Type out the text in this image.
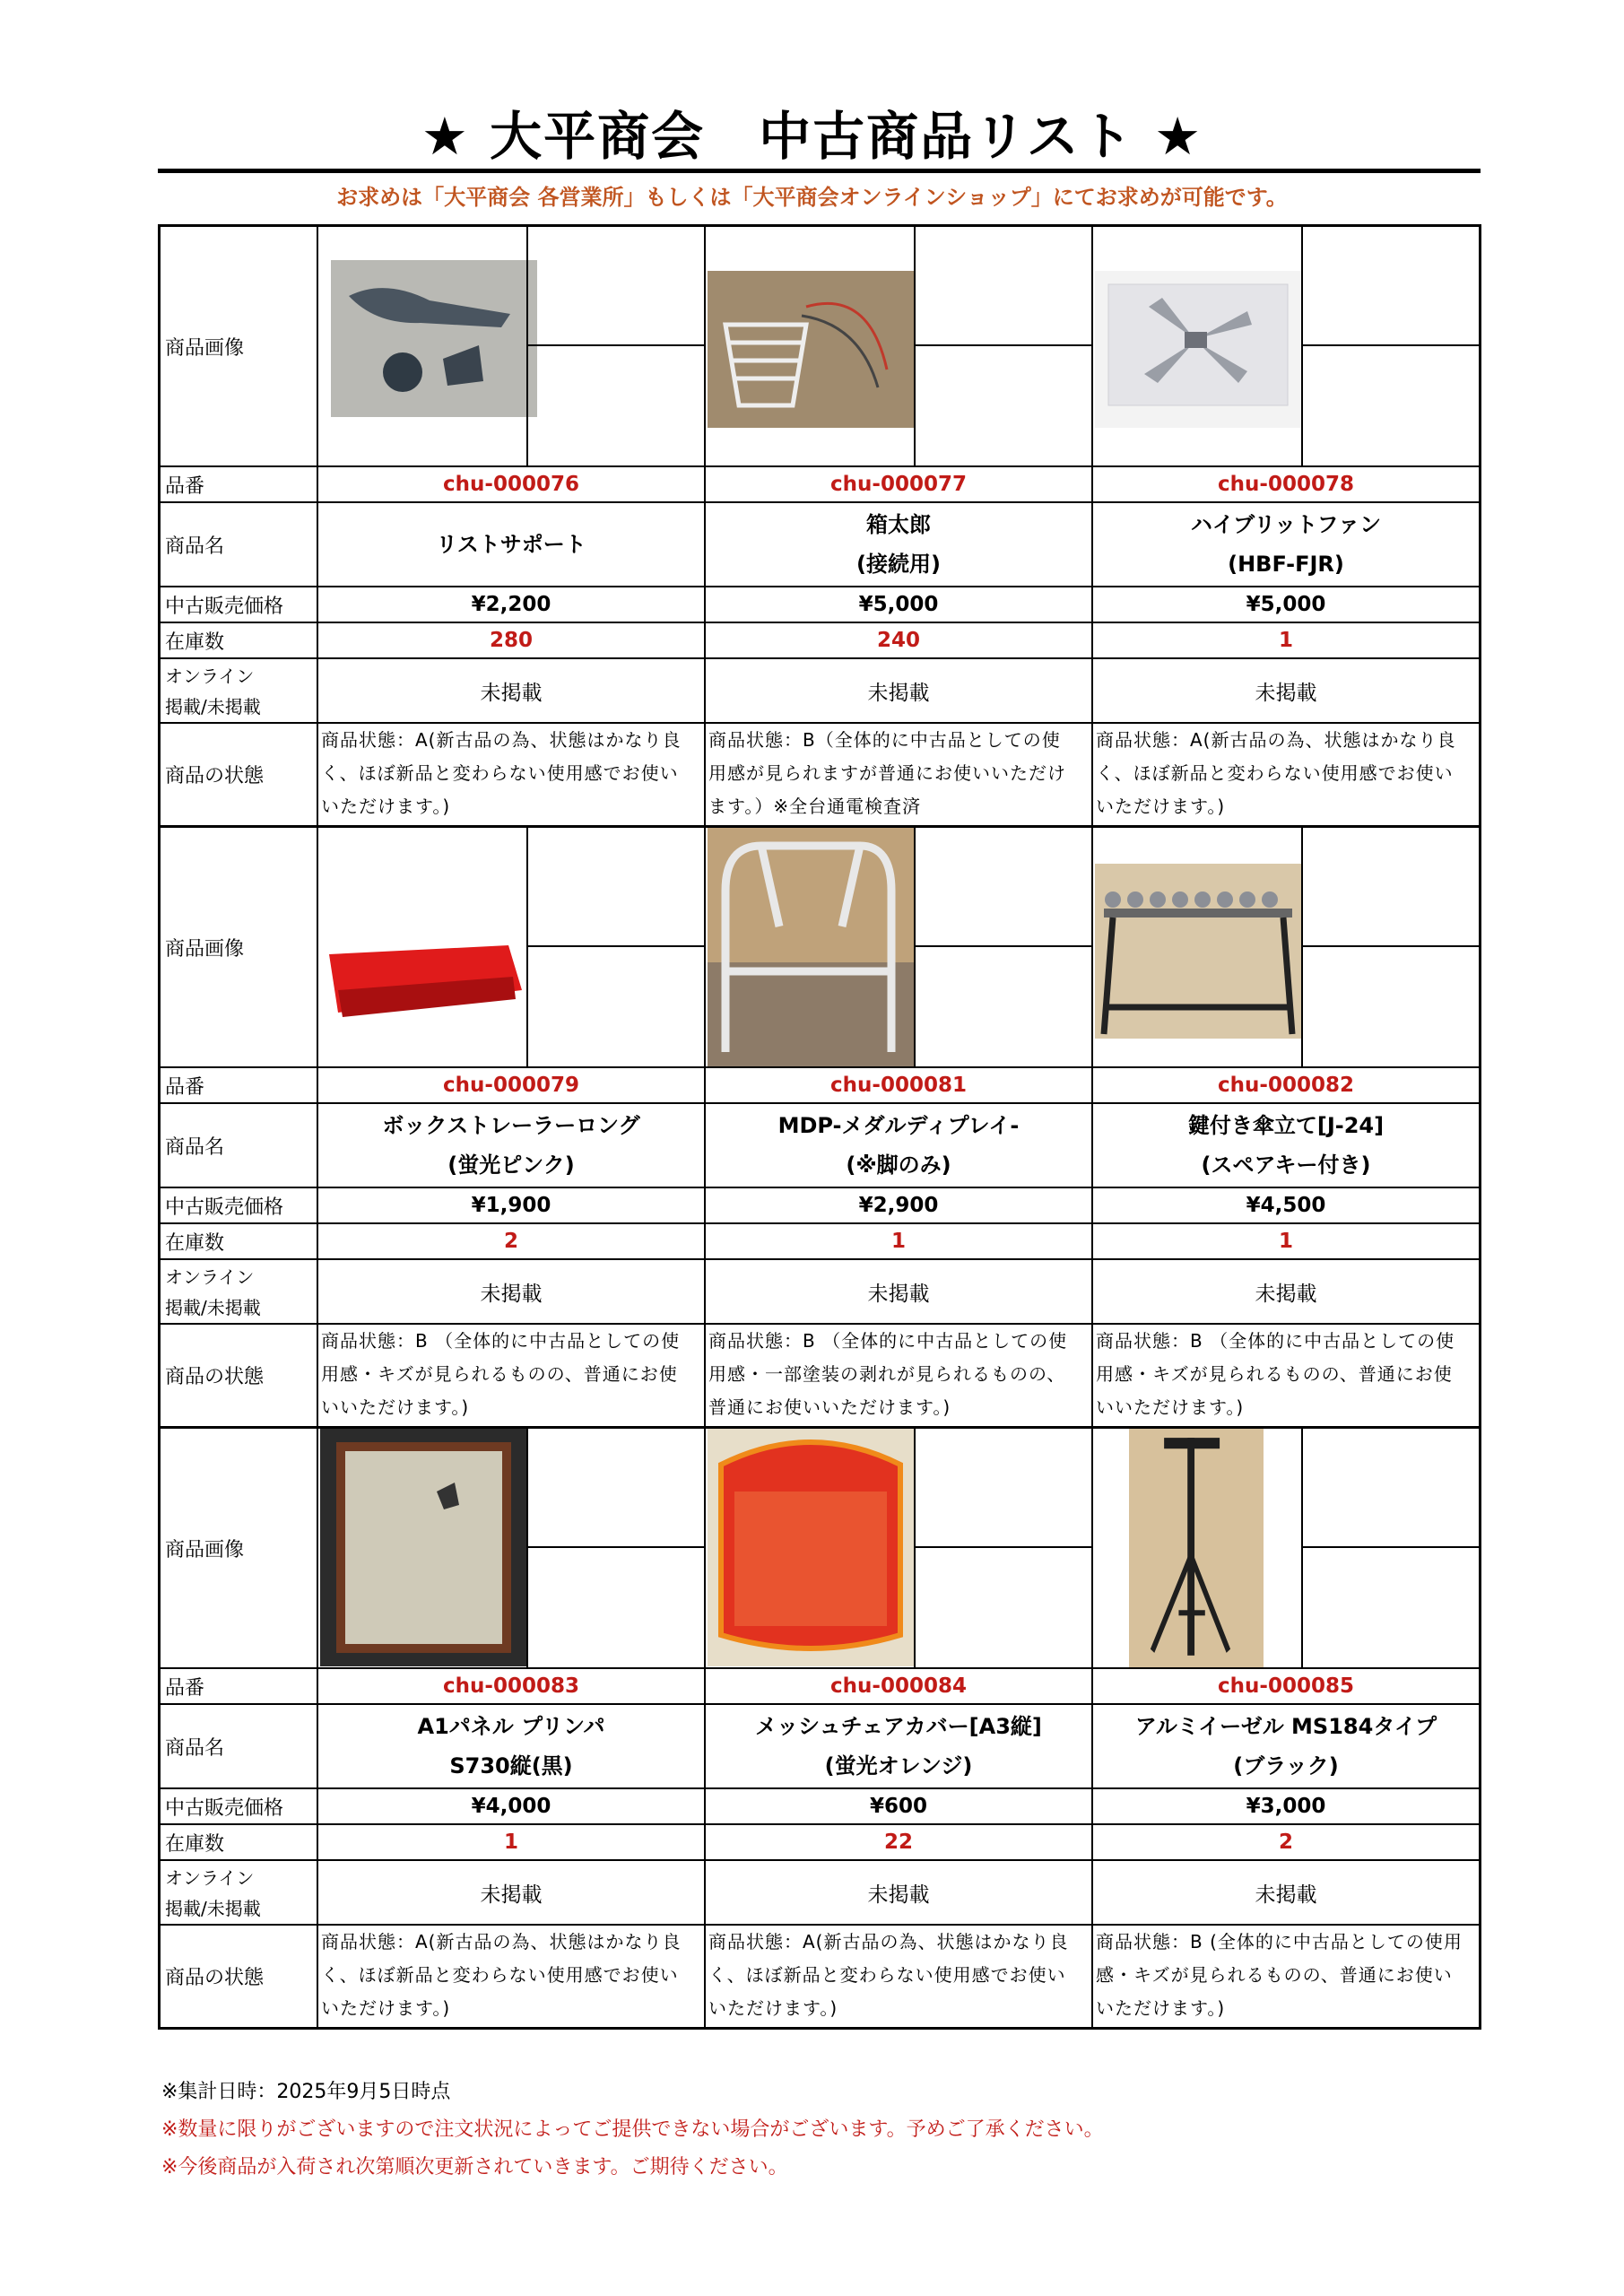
★ 大平商会　中古商品リスト ★
お求めは「大平商会 各営業所」もしくは「大平商会オンラインショップ」にてお求めが可能です。
商品画像
品番
商品名
中古販売価格
在庫数
オンライン
掲載/未掲載
商品の状態
chu-000076
リストサポート
¥2,200
280
未掲載
商品状態：A(新古品の為、状態はかなり良
く、ほぼ新品と変わらない使用感でお使い
いただけます。)
chu-000077
箱太郎
(接続用)
¥5,000
240
未掲載
商品状態：B（全体的に中古品としての使
用感が見られますが普通にお使いいただけ
ます。）※全台通電検査済
chu-000078
ハイブリットファン
(HBF-FJR)
¥5,000
1
未掲載
商品状態：A(新古品の為、状態はかなり良
く、ほぼ新品と変わらない使用感でお使い
いただけます。)
商品画像
品番
商品名
中古販売価格
在庫数
オンライン
掲載/未掲載
商品の状態
chu-000079
ボックストレーラーロング
(蛍光ピンク)
¥1,900
2
未掲載
商品状態：B （全体的に中古品としての使
用感・キズが見られるものの、普通にお使
いいただけます。)
chu-000081
MDP-メダルディプレイ-
(※脚のみ)
¥2,900
1
未掲載
商品状態：B （全体的に中古品としての使
用感・一部塗装の剥れが見られるものの、
普通にお使いいただけます。)
chu-000082
鍵付き傘立て[J-24]
(スペアキー付き)
¥4,500
1
未掲載
商品状態：B （全体的に中古品としての使
用感・キズが見られるものの、普通にお使
いいただけます。)
商品画像
品番
商品名
中古販売価格
在庫数
オンライン
掲載/未掲載
商品の状態
chu-000083
A1パネル プリンパ
S730縦(黒)
¥4,000
1
未掲載
商品状態：A(新古品の為、状態はかなり良
く、ほぼ新品と変わらない使用感でお使い
いただけます。)
chu-000084
メッシュチェアカバー[A3縦]
(蛍光オレンジ)
¥600
22
未掲載
商品状態：A(新古品の為、状態はかなり良
く、ほぼ新品と変わらない使用感でお使い
いただけます。)
chu-000085
アルミイーゼル MS184タイプ
(ブラック)
¥3,000
2
未掲載
商品状態：B (全体的に中古品としての使用
感・キズが見られるものの、普通にお使い
いただけます。)
※集計日時：2025年9月5日時点
※数量に限りがございますので注文状況によってご提供できない場合がございます。予めご了承ください。
※今後商品が入荷され次第順次更新されていきます。ご期待ください。
